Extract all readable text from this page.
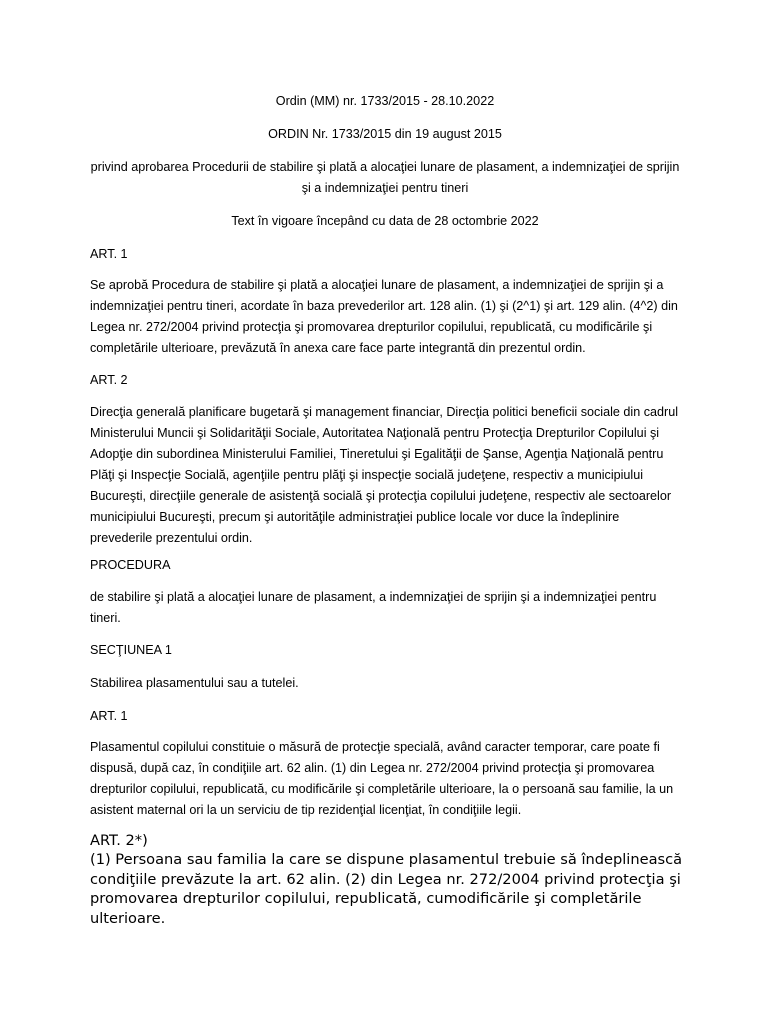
Ordin (MM) nr. 1733/2015 - 28.10.2022

ORDIN Nr. 1733/2015 din 19 august 2015

privind aprobarea Procedurii de stabilire şi plată a alocaţiei lunare de plasament, a indemnizaţiei de sprijin şi a indemnizaţiei pentru tineri

Text în vigoare începând cu data de 28 octombrie 2022

ART. 1

Se aprobă Procedura de stabilire şi plată a alocaţiei lunare de plasament, a indemnizaţiei de sprijin şi a indemnizaţiei pentru tineri, acordate în baza prevederilor art. 128 alin. (1) şi (2^1) şi art. 129 alin. (4^2) din Legea nr. 272/2004 privind protecţia şi promovarea drepturilor copilului, republicată, cu modificările şi completările ulterioare, prevăzută în anexa care face parte integrantă din prezentul ordin.

ART. 2

Direcţia generală planificare bugetară şi management financiar, Direcţia politici beneficii sociale din cadrul Ministerului Muncii şi Solidarităţii Sociale, Autoritatea Naţională pentru Protecţia Drepturilor Copilului şi Adopţie din subordinea Ministerului Familiei, Tineretului şi Egalităţii de Şanse, Agenţia Naţională pentru Plăţi şi Inspecţie Socială, agenţiile pentru plăţi şi inspecţie socială judeţene, respectiv a municipiului Bucureşti, direcţiile generale de asistenţă socială şi protecţia copilului judeţene, respectiv ale sectoarelor municipiului Bucureşti, precum şi autorităţile administraţiei publice locale vor duce la îndeplinire prevederile prezentului ordin.

PROCEDURA

de stabilire şi plată a alocaţiei lunare de plasament, a indemnizaţiei de sprijin şi a indemnizaţiei pentru tineri.

SECŢIUNEA 1

Stabilirea plasamentului sau a tutelei.

ART. 1

Plasamentul copilului constituie o măsură de protecţie specială, având caracter temporar, care poate fi dispusă, după caz, în condiţiile art. 62 alin. (1) din Legea nr. 272/2004 privind protecţia şi promovarea drepturilor copilului, republicată, cu modificările şi completările ulterioare, la o persoană sau familie, la un asistent maternal ori la un serviciu de tip rezidenţial licenţiat, în condiţiile legii.

ART. 2*)

(1) Persoana sau familia la care se dispune plasamentul trebuie să îndeplinească condiţiile prevăzute la art. 62 alin. (2) din Legea nr. 272/2004 privind protecţia şi promovarea drepturilor copilului, republicată, cumodificările şi completările ulterioare.
